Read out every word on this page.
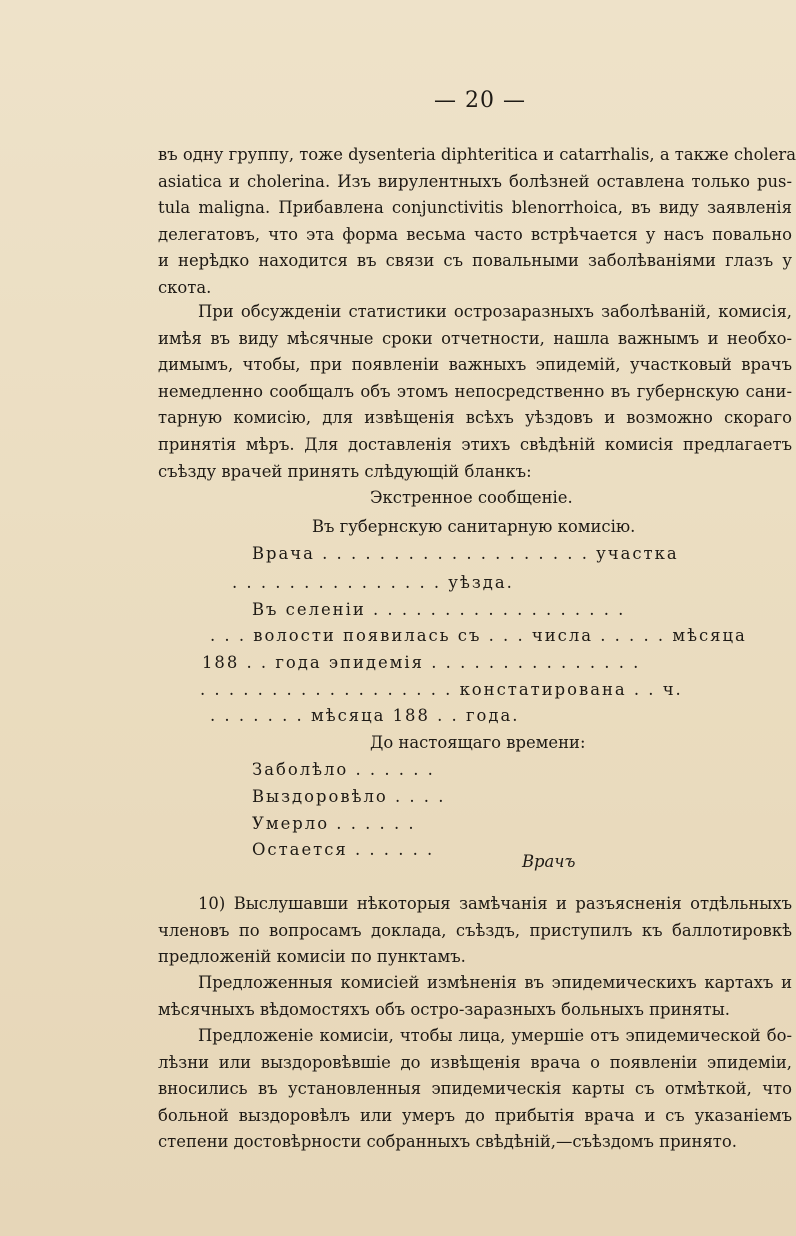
— 20 —
въ одну группу, тоже dysenteria diphteritica и catarrhalis, а также cholera
asiatica и cholerina. Изъ вирулентныхъ болѣзней оставлена только pus-
tula maligna. Прибавлена conjunctivitis blenorrhoica, въ виду заявленія
делегатовъ, что эта форма весьма часто встрѣчается у насъ повально
и нерѣдко находится въ связи съ повальными заболѣваніями глазъ у
скота.
При обсужденіи статистики острозаразныхъ заболѣваній, комисія,
имѣя въ виду мѣсячные сроки отчетности, нашла важнымъ и необхо-
димымъ, чтобы, при появленіи важныхъ эпидемій, участковый врачъ
немедленно сообщалъ объ этомъ непосредственно въ губернскую сани-
тарную комисію, для извѣщенія всѣхъ уѣздовъ и возможно скораго
принятія мѣръ. Для доставленія этихъ свѣдѣній комисія предлагаетъ
съѣзду врачей принять слѣдующій бланкъ:
Экстренное сообщеніе.
Въ губернскую санитарную комисію.
Врача . . . . . . . . . . . . . . . . . . . участка
. . . . . . . . . . . . . . . уѣзда.
Въ селеніи . . . . . . . . . . . . . . . . . .
. . . волости появилась съ . . . числа . . . . . мѣсяца
188 . . года эпидемія . . . . . . . . . . . . . . .
. . . . . . . . . . . . . . . . . . констатирована . . ч.
. . . . . . . мѣсяца 188 . . года.
До настоящаго времени:
Заболѣло . . . . . .
Выздоровѣло . . . .
Умерло . . . . . .
Остается . . . . . .
Врачъ
10) Выслушавши нѣкоторыя замѣчанія и разъясненія отдѣльныхъ
членовъ по вопросамъ доклада, съѣздъ, приступилъ къ баллотировкѣ
предложеній комисіи по пунктамъ.
Предложенныя комисіей измѣненія въ эпидемическихъ картахъ и
мѣсячныхъ вѣдомостяхъ объ остро-заразныхъ больныхъ приняты.
Предложеніе комисіи, чтобы лица, умершіе отъ эпидемической бо-
лѣзни или выздоровѣвшіе до извѣщенія врача о появленіи эпидеміи,
вносились въ установленныя эпидемическія карты съ отмѣткой, что
больной выздоровѣлъ или умеръ до прибытія врача и съ указаніемъ
степени достовѣрности собранныхъ свѣдѣній,—съѣздомъ принято.
